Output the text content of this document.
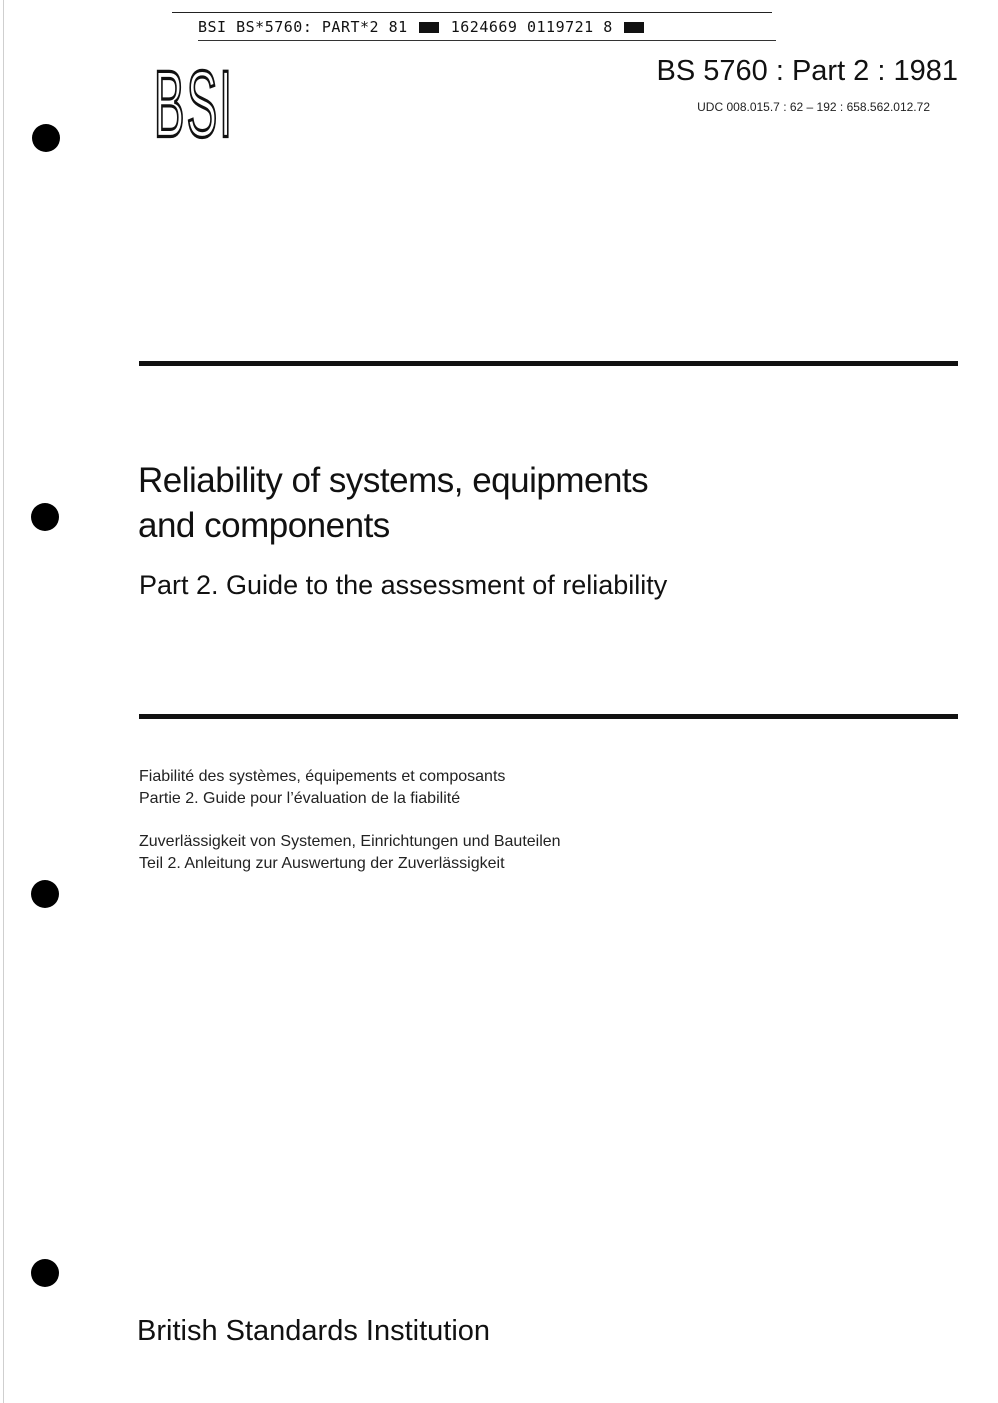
BSI BS*5760: PART*2 81	1624669 0119721 8
BSI	BS 5760 : Part 2 : 1981
UDC 008.015.7 : 62 – 192 : 658.562.012.72
Reliability of systems, equipments
and components
Part 2. Guide to the assessment of reliability
Fiabilité des systèmes, équipements et composants
Partie 2. Guide pour l’évaluation de la fiabilité
Zuverlässigkeit von Systemen, Einrichtungen und Bauteilen
Teil 2. Anleitung zur Auswertung der Zuverlässigkeit
British Standards Institution
